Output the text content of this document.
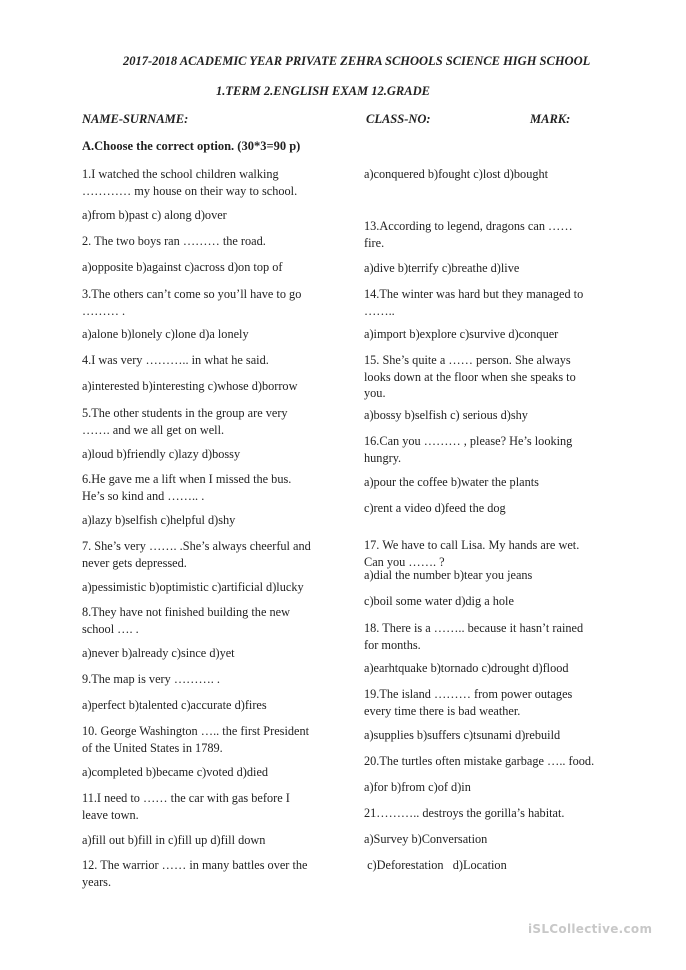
2017-2018 ACADEMIC YEAR PRIVATE ZEHRA SCHOOLS SCIENCE HIGH SCHOOL
1.TERM 2.ENGLISH EXAM 12.GRADE
NAME-SURNAME:	CLASS-NO:	MARK:
A.Choose the correct option. (30*3=90 p)
1.I watched the school children walking
………… my house on their way to school.
a)from b)past c) along d)over
2. The two boys ran ……… the road.
a)opposite b)against c)across d)on top of
3.The others can’t come so you’ll have to go
……… .
a)alone b)lonely c)lone d)a lonely
4.I was very ……….. in what he said.
a)interested b)interesting c)whose d)borrow
5.The other students in the group are very
……. and we all get on well.
a)loud b)friendly c)lazy d)bossy
6.He gave me a lift when I missed the bus.
He’s so kind and …….. .
a)lazy b)selfish c)helpful d)shy
7. She’s very ……. .She’s always cheerful and
never gets depressed.
a)pessimistic b)optimistic c)artificial d)lucky
8.They have not finished building the new
school …. .
a)never b)already c)since d)yet
9.The map is very ………. .
a)perfect b)talented c)accurate d)fires
10. George Washington ….. the first President
of the United States in 1789.
a)completed b)became c)voted d)died
11.I need to …… the car with gas before I
leave town.
a)fill out b)fill in c)fill up d)fill down
12. The warrior …… in many battles over the
years.
a)conquered b)fought c)lost d)bought
13.According to legend, dragons can ……
fire.
a)dive b)terrify c)breathe d)live
14.The winter was hard but they managed to
……..
a)import b)explore c)survive d)conquer
15. She’s quite a …… person. She always
looks down at the floor when she speaks to
you.
a)bossy b)selfish c) serious d)shy
16.Can you ……… , please? He’s looking
hungry.
a)pour the coffee b)water the plants
c)rent a video d)feed the dog
17. We have to call Lisa. My hands are wet.
Can you ……. ?
a)dial the number b)tear you jeans
c)boil some water d)dig a hole
18. There is a …….. because it hasn’t rained
for months.
a)earhtquake b)tornado c)drought d)flood
19.The island ……… from power outages
every time there is bad weather.
a)supplies b)suffers c)tsunami d)rebuild
20.The turtles often mistake garbage ….. food.
a)for b)from c)of d)in
21……….. destroys the gorilla’s habitat.
a)Survey b)Conversation
c)Deforestation   d)Location
iSLCollective.com
